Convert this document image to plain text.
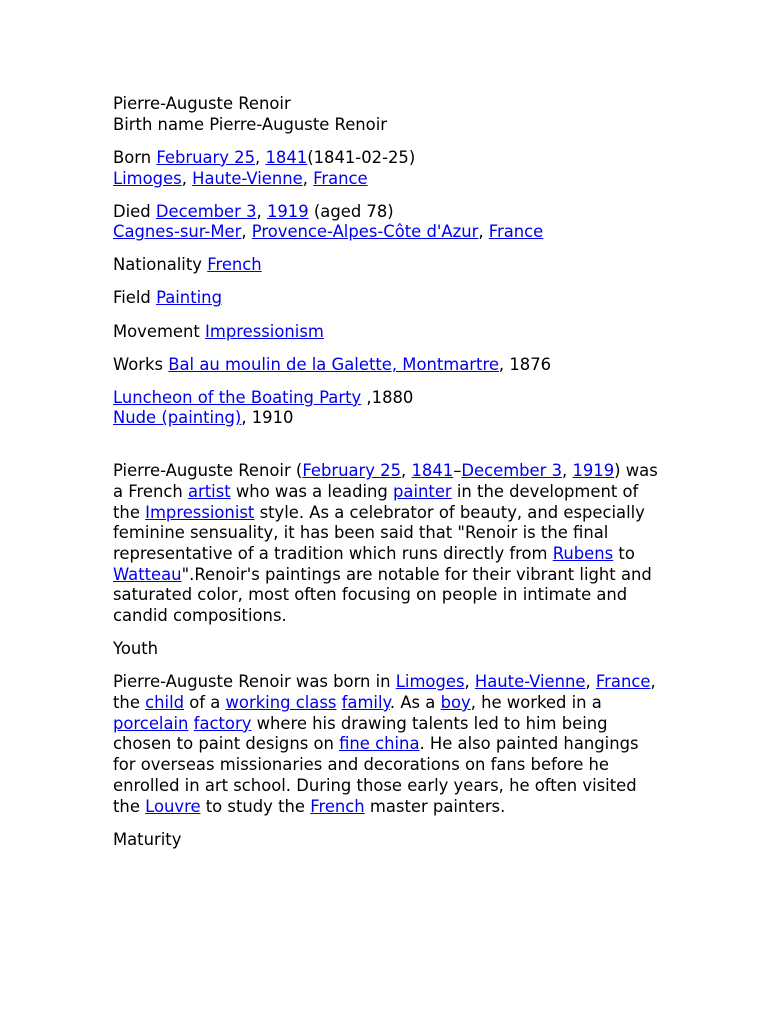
Pierre-Auguste Renoir

Birth name Pierre-Auguste Renoir

Born February 25, 1841(1841-02-25)

Limoges, Haute-Vienne, France

Died December 3, 1919 (aged 78)

Cagnes-sur-Mer, Provence-Alpes-Côte d'Azur, France

Nationality French

Field Painting

Movement Impressionism

Works Bal au moulin de la Galette, Montmartre, 1876

Luncheon of the Boating Party ,1880

Nude (painting), 1910

Pierre-Auguste Renoir (February 25, 1841–December 3, 1919) was a French artist who was a leading painter in the development of the Impressionist style. As a celebrator of beauty, and especially feminine sensuality, it has been said that "Renoir is the final representative of a tradition which runs directly from Rubens to Watteau".Renoir's paintings are notable for their vibrant light and saturated color, most often focusing on people in intimate and candid compositions.

Youth

Pierre-Auguste Renoir was born in Limoges, Haute-Vienne, France, the child of a working class family. As a boy, he worked in a porcelain factory where his drawing talents led to him being chosen to paint designs on fine china. He also painted hangings for overseas missionaries and decorations on fans before he enrolled in art school. During those early years, he often visited the Louvre to study the French master painters.

Maturity
